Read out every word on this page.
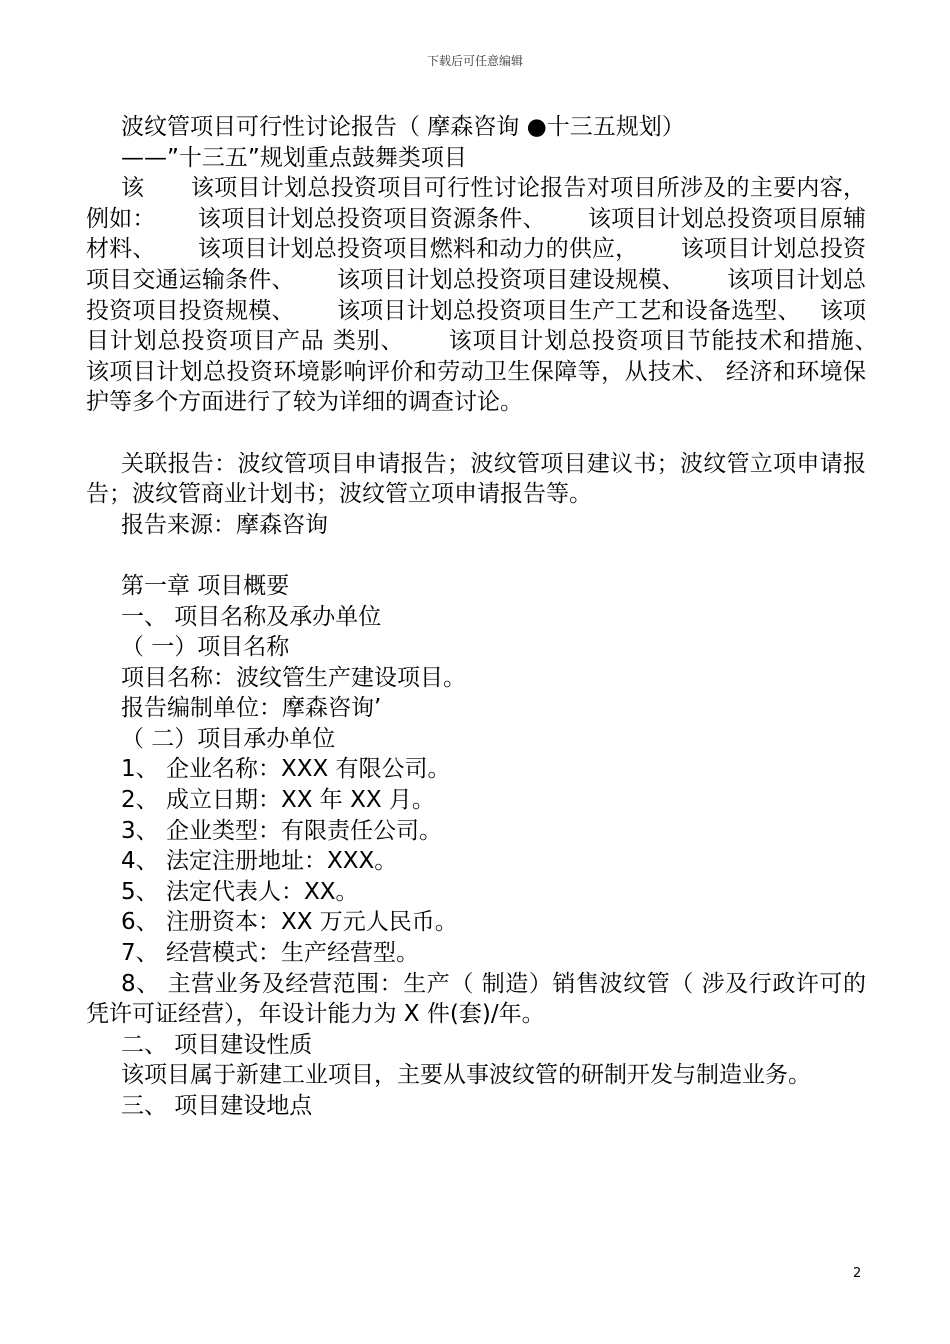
下载后可任意编辑

波纹管项目可行性讨论报告（ 摩森咨询 ●十三五规划）

——”十三五”规划重点鼓舞类项目

该　　该项目计划总投资项目可行性讨论报告对项目所涉及的主要内容，例如：　　 该项目计划总投资项目资源条件、　　 该项目计划总投资项目原辅材料、　　 该项目计划总投资项目燃料和动力的供应，　　 该项目计划总投资项目交通运输条件、　　 该项目计划总投资项目建设规模、　　 该项目计划总投资项目投资规模、　　 该项目计划总投资项目生产工艺和设备选型、　 该项目计划总投资项目产品 类别、　　 该项目计划总投资项目节能技术和措施、　　 该项目计划总投资环境影响评价和劳动卫生保障等，从技术、 经济和环境保护等多个方面进行了较为详细的调查讨论。

关联报告：波纹管项目申请报告；波纹管项目建议书；波纹管立项申请报告；波纹管商业计划书；波纹管立项申请报告等。

报告来源：摩森咨询

第一章 项目概要

一、 项目名称及承办单位

（ 一）项目名称

项目名称：波纹管生产建设项目。

报告编制单位：摩森咨询’

（ 二）项目承办单位

1、 企业名称：XXX 有限公司。

2、 成立日期：XX 年 XX 月。

3、 企业类型：有限责任公司。

4、 法定注册地址：XXX。

5、 法定代表人：XX。

6、 注册资本：XX 万元人民币。

7、 经营模式：生产经营型。

8、 主营业务及经营范围：生产（ 制造）销售波纹管（ 涉及行政许可的凭许可证经营），年设计能力为 X 件(套)/年。

二、 项目建设性质

该项目属于新建工业项目，主要从事波纹管的研制开发与制造业务。

三、 项目建设地点

2
